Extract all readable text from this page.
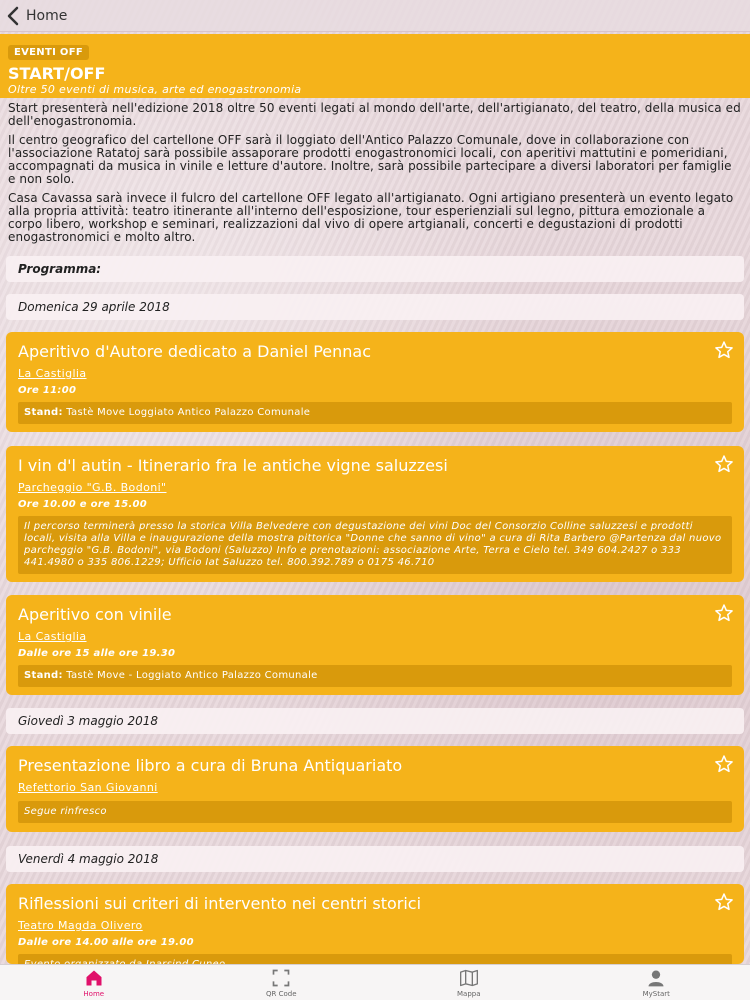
Home
EVENTI OFF
START/OFF
Oltre 50 eventi di musica, arte ed enogastronomia

Start presenterà nell'edizione 2018 oltre 50 eventi legati al mondo dell'arte, dell'artigianato, del teatro, della musica ed dell'enogastronomia.

Il centro geografico del cartellone OFF sarà il loggiato dell'Antico Palazzo Comunale, dove in collaborazione con l'associazione Ratatoj sarà possibile assaporare prodotti enogastronomici locali, con aperitivi mattutini e pomeridiani, accompagnati da musica in vinile e letture d'autore. Inoltre, sarà possibile partecipare a diversi laboratori per famiglie e non solo.

Casa Cavassa sarà invece il fulcro del cartellone OFF legato all'artigianato. Ogni artigiano presenterà un evento legato alla propria attività: teatro itinerante all'interno dell'esposizione, tour esperienziali sul legno, pittura emozionale a corpo libero, workshop e seminari, realizzazioni dal vivo di opere artgianali, concerti e degustazioni di prodotti enogastronomici e molto altro.

Programma:
Domenica 29 aprile 2018
Aperitivo d'Autore dedicato a Daniel Pennac
La Castiglia
Ore 11:00
Stand: Tastè Move Loggiato Antico Palazzo Comunale
I vin d'l autin - Itinerario fra le antiche vigne saluzzesi
Parcheggio "G.B. Bodoni"
Ore 10.00 e ore 15.00
Il percorso terminerà presso la storica Villa Belvedere con degustazione dei vini Doc del Consorzio Colline saluzzesi e prodotti locali, visita alla Villa e inaugurazione della mostra pittorica "Donne che sanno di vino" a cura di Rita Barbero @Partenza dal nuovo parcheggio "G.B. Bodoni", via Bodoni (Saluzzo) Info e prenotazioni: associazione Arte, Terra e Cielo tel. 349 604.2427 o 333 441.4980 o 335 806.1229; Ufficio Iat Saluzzo tel. 800.392.789 o 0175 46.710
Aperitivo con vinile
La Castiglia
Dalle ore 15 alle ore 19.30
Stand: Tastè Move - Loggiato Antico Palazzo Comunale
Giovedì 3 maggio 2018
Presentazione libro a cura di Bruna Antiquariato
Refettorio San Giovanni
Segue rinfresco
Venerdì 4 maggio 2018
Riflessioni sui criteri di intervento nei centri storici
Teatro Magda Olivero
Dalle ore 14.00 alle ore 19.00
Home	QR Code	Mappa	MyStart
